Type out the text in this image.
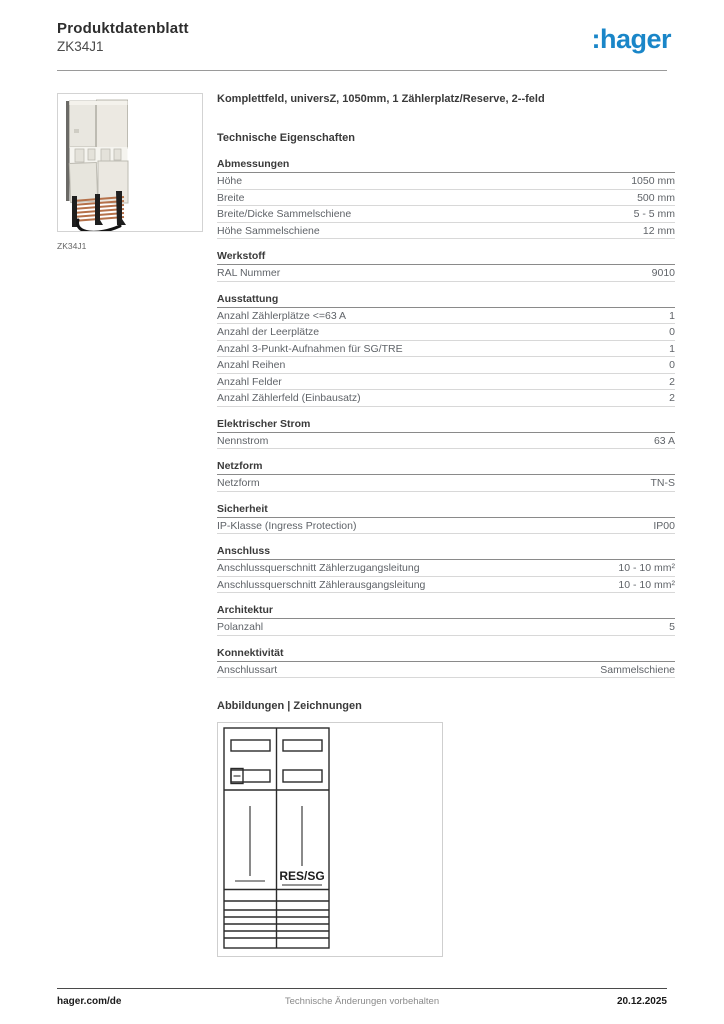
Produktdatenblatt
ZK34J1	:hager
ZK34J1
Komplettfeld, universZ, 1050mm, 1 Zählerplatz/Reserve, 2--feld
Technische Eigenschaften
Abmessungen
Höhe	1050 mm
Breite	500 mm
Breite/Dicke Sammelschiene	5 - 5 mm
Höhe Sammelschiene	12 mm
Werkstoff
RAL Nummer	9010
Ausstattung
Anzahl Zählerplätze <=63 A	1
Anzahl der Leerplätze	0
Anzahl 3-Punkt-Aufnahmen für SG/TRE	1
Anzahl Reihen	0
Anzahl Felder	2
Anzahl Zählerfeld (Einbausatz)	2
Elektrischer Strom
Nennstrom	63 A
Netzform
Netzform	TN-S
Sicherheit
IP-Klasse (Ingress Protection)	IP00
Anschluss
Anschlussquerschnitt Zählerzugangsleitung	10 - 10 mm²
Anschlussquerschnitt Zählerausgangsleitung	10 - 10 mm²
Architektur
Polanzahl	5
Konnektivität
Anschlussart	Sammelschiene
Abbildungen | Zeichnungen
RES/SG
hager.com/de	Technische Änderungen vorbehalten	20.12.2025
